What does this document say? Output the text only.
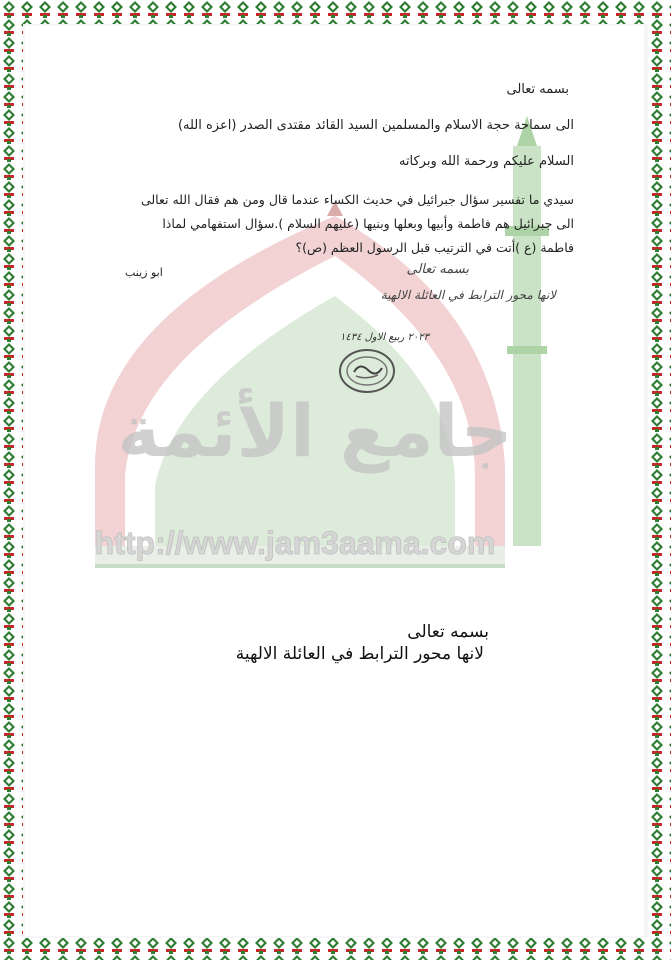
جامع الأئمة
http://www.jam3aama.com
بسمه تعالى
الى سماحة حجة الاسلام والمسلمين السيد القائد مقتدى الصدر (اعزه الله)
السلام عليكم ورحمة الله وبركاته
سيدي ما تفسير سؤال جبرائيل في حديث الكساء عندما قال ومن هم فقال الله تعالى
الى جبرائيل هم فاطمة وأبيها وبعلها وبنيها (عليهم السلام ).سؤال استفهامي لماذا
فاطمة (ع )أتت في الترتيب قبل الرسول العظم (ص)؟
ابو زينب	بسمه تعالى
لانها محور الترابط في العائلة الالهية
٢٠٢٣ ربيع الاول ١٤٣٤
بسمه تعالى
لانها محور الترابط في العائلة الالهية
